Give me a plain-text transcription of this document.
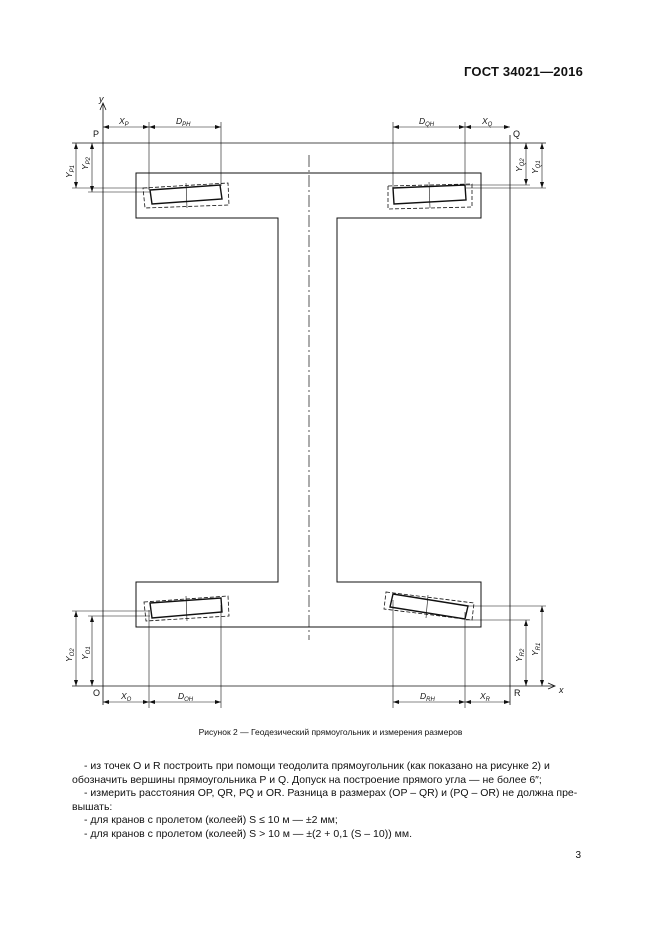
ГОСТ 34021—2016
y
x
P	Q
O	R
$X_P$	$D_{PH}$	$D_{QH}$	$X_Q$
$X_O$	$D_{OH}$	$D_{RH}$	$X_R$
$Y_{P1}$ $Y_{P2}$
$Y_{O2}$
$Y_{O1}$
$Y_{Q2}$
$Y_{Q1}$
$Y_{R2}$ $Y_{R1}$
Рисунок 2 — Геодезический прямоугольник и измерения размеров

- из точек О и R построить при помощи теодолита прямоугольник (как показано на рисунке 2) и

обозначить вершины прямоугольника Р и Q. Допуск на построение прямого угла — не более 6″;

- измерить расстояния OP, QR, PQ и OR. Разница в размерах (OP – QR) и (PQ – OR) не должна пре-

вышать:

- для кранов с пролетом (колеей) S ≤ 10 м — ±2 мм;

- для кранов с пролетом (колеей) S > 10 м — ±(2 + 0,1 (S – 10)) мм.

3
